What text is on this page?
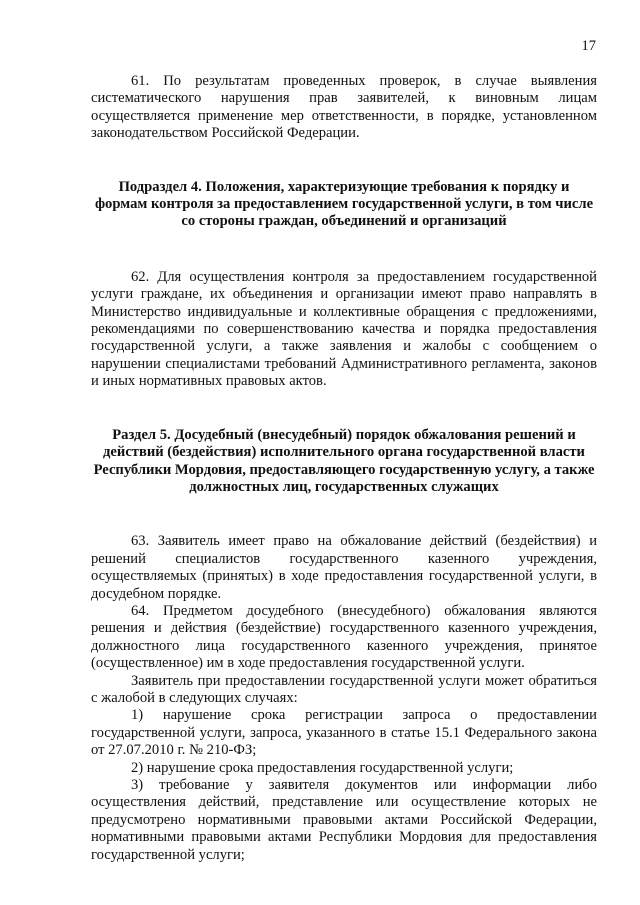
17

61. По результатам проведенных проверок, в случае выявления систематического нарушения прав заявителей, к виновным лицам осуществляется применение мер ответственности, в порядке, установленном законодательством Российской Федерации.

Подраздел 4. Положения, характеризующие требования к порядку и формам контроля за предоставлением государственной услуги, в том числе со стороны граждан, объединений и организаций

62. Для осуществления контроля за предоставлением государственной услуги граждане, их объединения и организации имеют право направлять в Министерство индивидуальные и коллективные обращения с предложениями, рекомендациями по совершенствованию качества и порядка предоставления государственной услуги, а также заявления и жалобы с сообщением о нарушении специалистами требований Административного регламента, законов и иных нормативных правовых актов.

Раздел 5. Досудебный (внесудебный) порядок обжалования решений и действий (бездействия) исполнительного органа государственной власти Республики Мордовия, предоставляющего государственную услугу, а также должностных лиц, государственных служащих

63. Заявитель имеет право на обжалование действий (бездействия) и решений специалистов государственного казенного учреждения, осуществляемых (принятых) в ходе предоставления государственной услуги, в досудебном порядке.

64. Предметом досудебного (внесудебного) обжалования являются решения и действия (бездействие) государственного казенного учреждения, должностного лица государственного казенного учреждения, принятое (осуществленное) им в ходе предоставления государственной услуги.

Заявитель при предоставлении государственной услуги может обратиться с жалобой в следующих случаях:

1) нарушение срока регистрации запроса о предоставлении государственной услуги, запроса, указанного в статье 15.1 Федерального закона от 27.07.2010 г. № 210-ФЗ;

2) нарушение срока предоставления государственной услуги;

3) требование у заявителя документов или информации либо осуществления действий, представление или осуществление которых не предусмотрено нормативными правовыми актами Российской Федерации, нормативными правовыми актами Республики Мордовия для предоставления государственной услуги;
